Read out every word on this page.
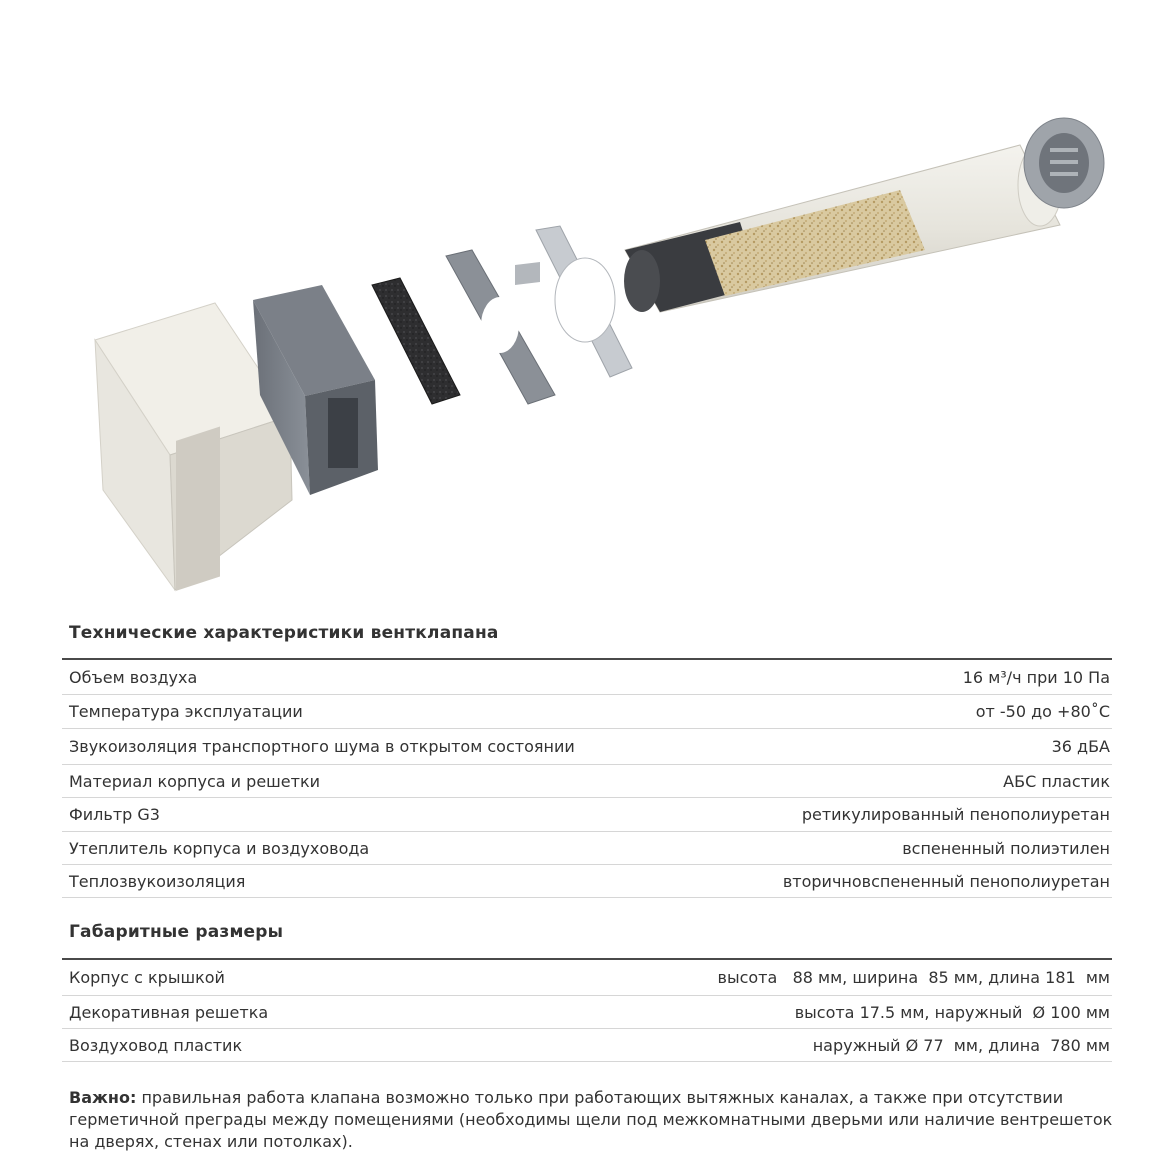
Технические характеристики вентклапана
Объем воздуха	16 м³/ч при 10 Па
Температура эксплуатации	от -50 до +80˚С
Звукоизоляция транспортного шума в открытом состоянии	36 дБА
Материал корпуса и решетки	АБС пластик
Фильтр G3	ретикулированный пенополиуретан
Утеплитель корпуса и воздуховода	вспененный полиэтилен
Теплозвукоизоляция	вторичновспененный пенополиуретан
Габаритные размеры
Корпус с крышкой	высота   88 мм, ширина  85 мм, длина 181  мм
Декоративная решетка	высота 17.5 мм, наружный  Ø 100 мм
Воздуховод пластик	наружный Ø 77  мм, длина  780 мм
Важно: правильная работа клапана возможно только при работающих вытяжных каналах, а также при отсутствии герметичной преграды между помещениями (необходимы щели под межкомнатными дверьми или наличие вентрешеток на дверях, стенах или потолках).
